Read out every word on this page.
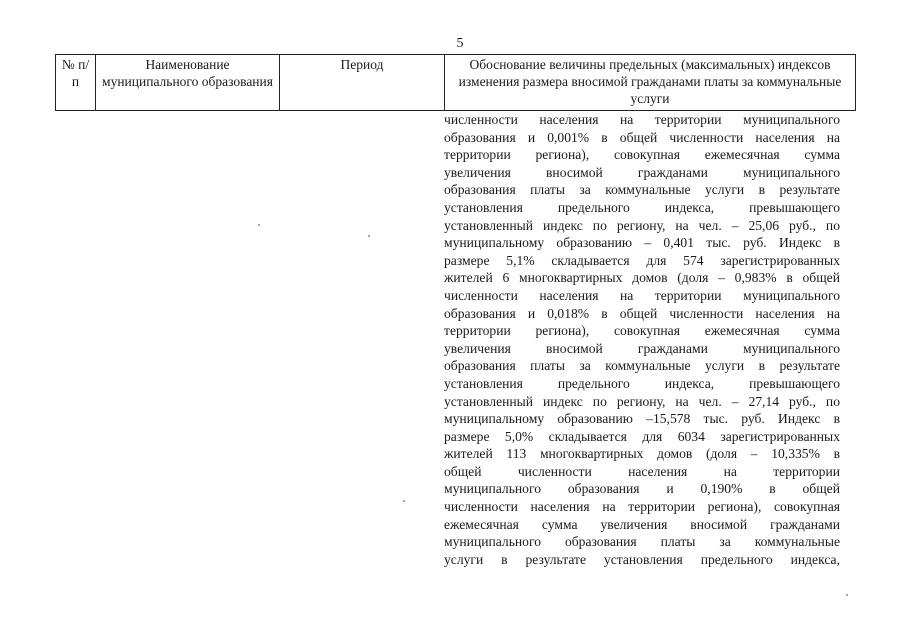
5
№ п/п	Наименование муниципального образования	Период	Обоснование величины предельных (максимальных) индексов изменения размера вносимой гражданами платы за коммунальные услуги
численности населения на территории муниципального
образования и 0,001% в общей численности населения на
территории региона), совокупная ежемесячная сумма
увеличения вносимой гражданами муниципального
образования платы за коммунальные услуги в результате
установления предельного индекса, превышающего
установленный индекс по региону, на чел. – 25,06 руб., по
муниципальному образованию – 0,401 тыс. руб. Индекс в
размере 5,1% складывается для 574 зарегистрированных
жителей 6 многоквартирных домов (доля – 0,983% в общей
численности населения на территории муниципального
образования и 0,018% в общей численности населения на
территории региона), совокупная ежемесячная сумма
увеличения вносимой гражданами муниципального
образования платы за коммунальные услуги в результате
установления предельного индекса, превышающего
установленный индекс по региону, на чел. – 27,14 руб., по
муниципальному образованию –15,578 тыс. руб. Индекс в
размере 5,0% складывается для 6034 зарегистрированных
жителей 113 многоквартирных домов (доля – 10,335% в
общей численности населения на территории
муниципального образования и 0,190% в общей
численности населения на территории региона), совокупная
ежемесячная сумма увеличения вносимой гражданами
муниципального образования платы за коммунальные
услуги в результате установления предельного индекса,
